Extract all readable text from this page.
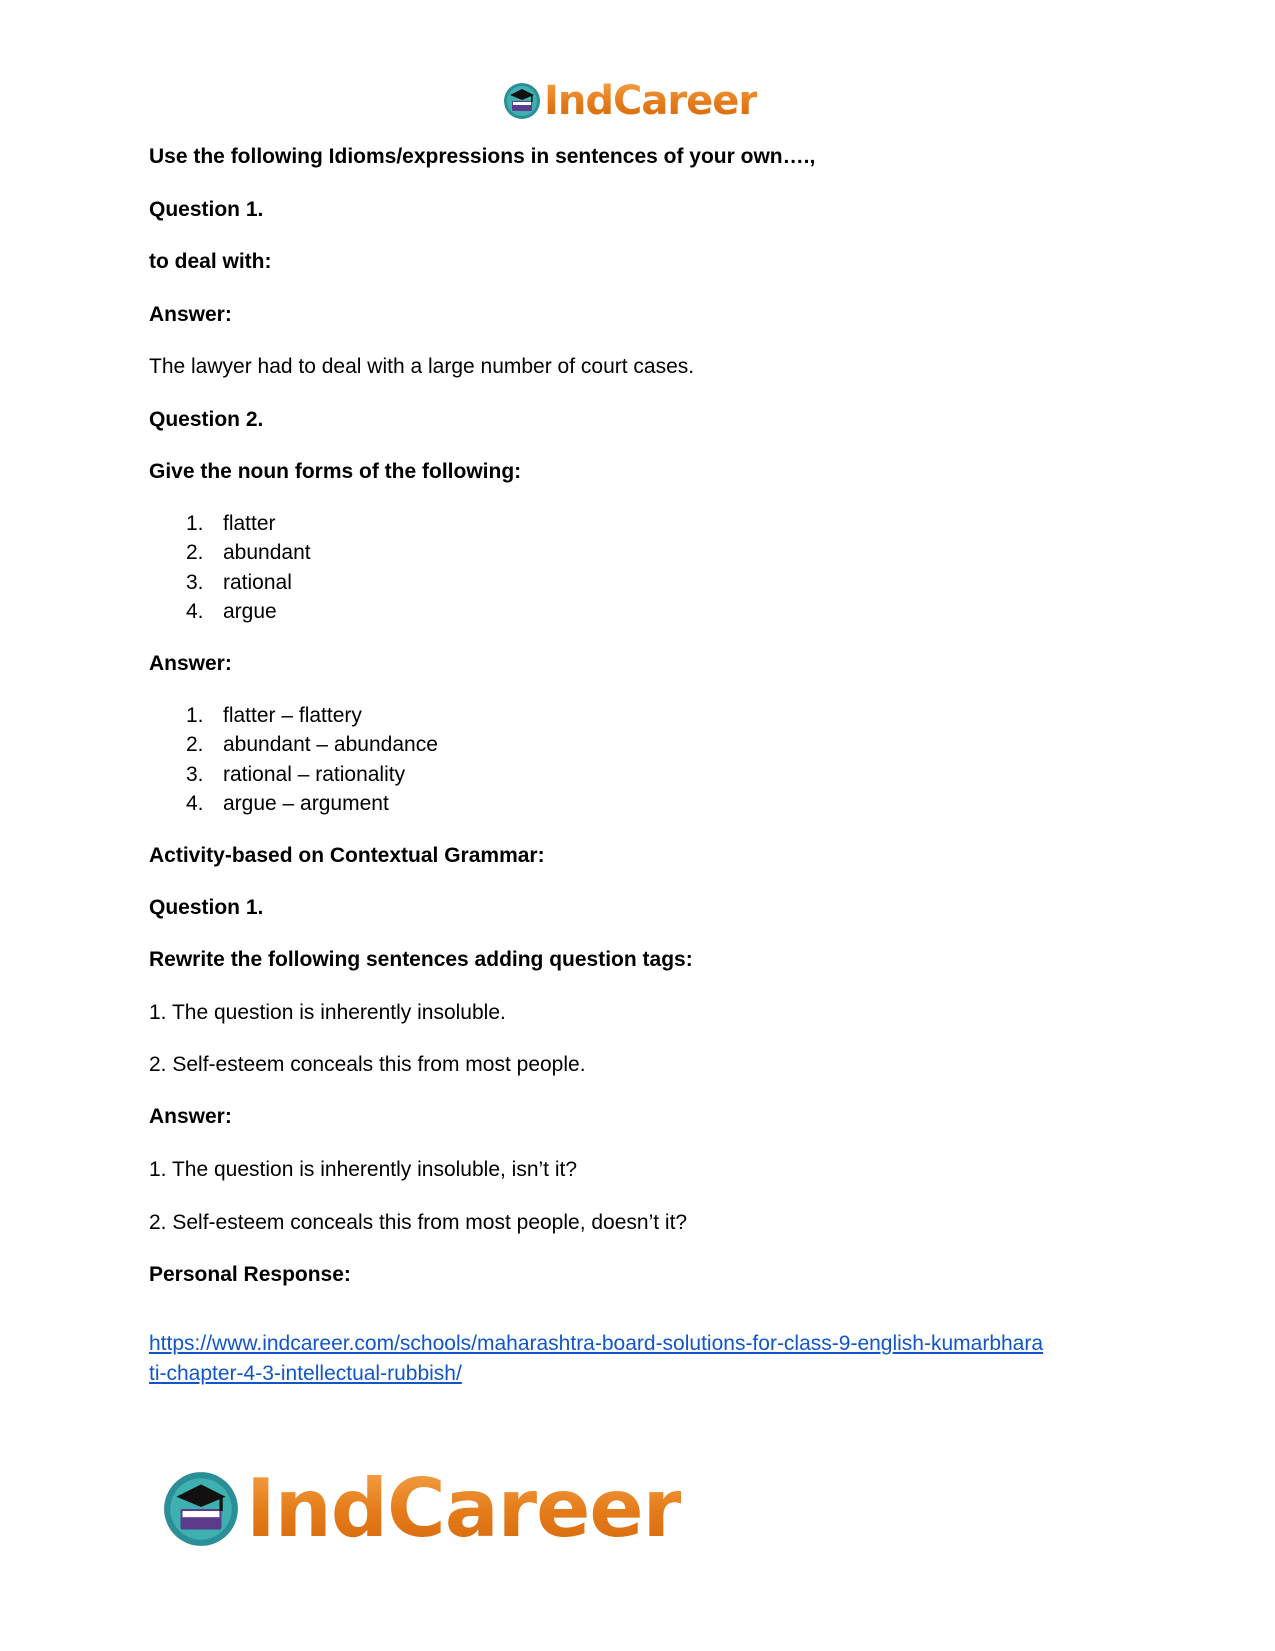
IndCareer
Use the following Idioms/expressions in sentences of your own….,
Question 1.
to deal with:
Answer:
The lawyer had to deal with a large number of court cases.
Question 2.
Give the noun forms of the following:
1. flatter
2. abundant
3. rational
4. argue
Answer:
1. flatter – flattery
2. abundant – abundance
3. rational – rationality
4. argue – argument
Activity-based on Contextual Grammar:
Question 1.
Rewrite the following sentences adding question tags:
1. The question is inherently insoluble.
2. Self-esteem conceals this from most people.
Answer:
1. The question is inherently insoluble, isn’t it?
2. Self-esteem conceals this from most people, doesn’t it?
Personal Response:
https://www.indcareer.com/schools/maharashtra-board-solutions-for-class-9-english-kumarbhara
ti-chapter-4-3-intellectual-rubbish/
IndCareer
